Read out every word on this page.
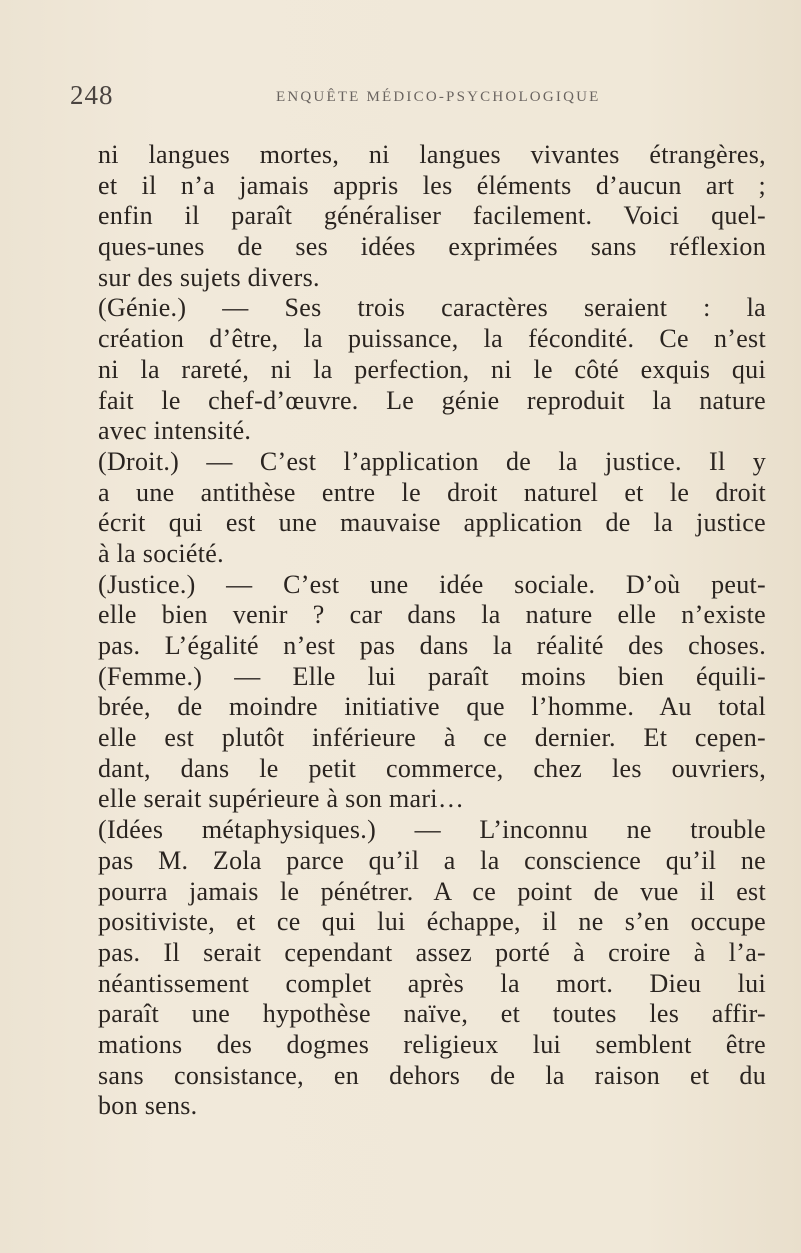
248	ENQUÊTE MÉDICO-PSYCHOLOGIQUE
ni langues mortes, ni langues vivantes étrangères,
et il n’a jamais appris les éléments d’aucun art ;
enfin il paraît généraliser facilement. Voici quel-
ques-unes de ses idées exprimées sans réflexion
sur des sujets divers.
(Génie.) — Ses trois caractères seraient : la
création d’être, la puissance, la fécondité. Ce n’est
ni la rareté, ni la perfection, ni le côté exquis qui
fait le chef-d’œuvre. Le génie reproduit la nature
avec intensité.
(Droit.) — C’est l’application de la justice. Il y
a une antithèse entre le droit naturel et le droit
écrit qui est une mauvaise application de la justice
à la société.
(Justice.) — C’est une idée sociale. D’où peut-
elle bien venir ? car dans la nature elle n’existe
pas. L’égalité n’est pas dans la réalité des choses.
(Femme.) — Elle lui paraît moins bien équili-
brée, de moindre initiative que l’homme. Au total
elle est plutôt inférieure à ce dernier. Et cepen-
dant, dans le petit commerce, chez les ouvriers,
elle serait supérieure à son mari…
(Idées métaphysiques.) — L’inconnu ne trouble
pas M. Zola parce qu’il a la conscience qu’il ne
pourra jamais le pénétrer. A ce point de vue il est
positiviste, et ce qui lui échappe, il ne s’en occupe
pas. Il serait cependant assez porté à croire à l’a-
néantissement complet après la mort. Dieu lui
paraît une hypothèse naïve, et toutes les affir-
mations des dogmes religieux lui semblent être
sans consistance, en dehors de la raison et du
bon sens.
